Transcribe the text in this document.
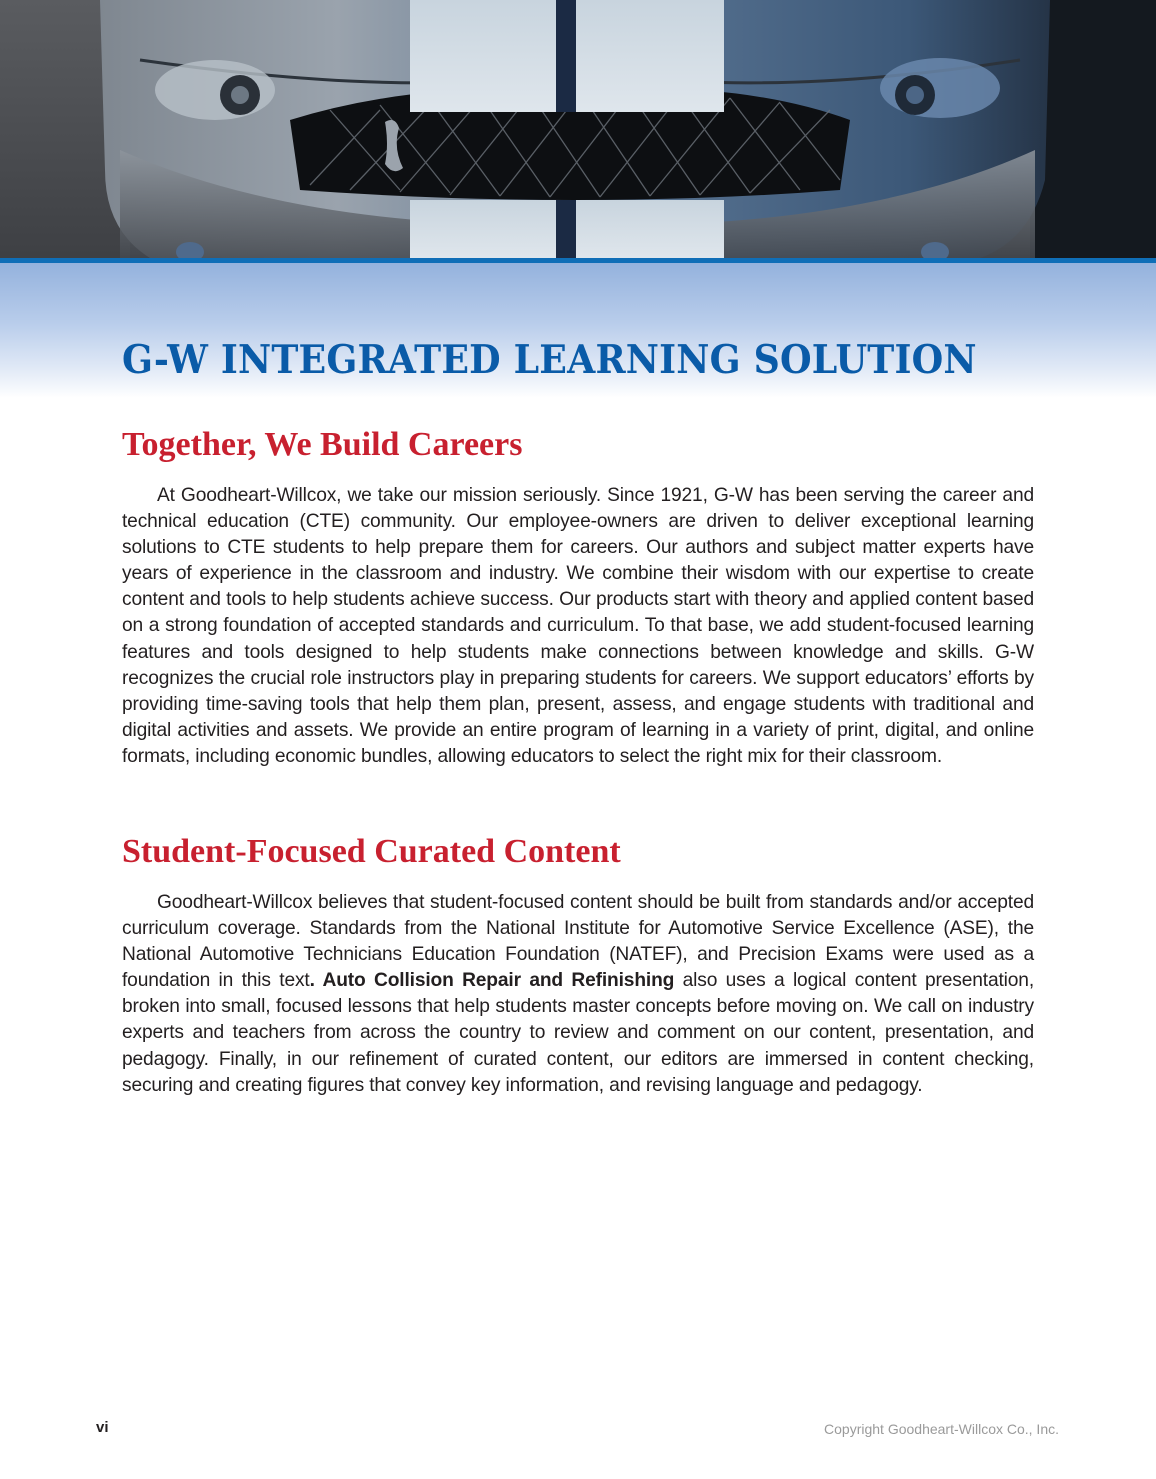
G-W INTEGRATED LEARNING SOLUTION
Together, We Build Careers

At Goodheart-Willcox, we take our mission seriously. Since 1921, G-W has been serving the career and technical education (CTE) community. Our employee-owners are driven to deliver exceptional learning solutions to CTE students to help prepare them for careers. Our authors and subject matter experts have years of experience in the classroom and industry. We combine their wisdom with our expertise to create content and tools to help students achieve success. Our products start with theory and applied content based on a strong foundation of accepted standards and curriculum. To that base, we add student-focused learning features and tools designed to help students make connections between knowledge and skills. G-W recognizes the crucial role instructors play in preparing students for careers. We support educators’ efforts by providing time-saving tools that help them plan, present, assess, and engage students with traditional and digital activities and assets. We provide an entire program of learning in a variety of print, digital, and online formats, including economic bundles, allowing educators to select the right mix for their classroom.

Student-Focused Curated Content

Goodheart-Willcox believes that student-focused content should be built from standards and/or accepted curriculum coverage. Standards from the National Institute for Automotive Service Excellence (ASE), the National Automotive Technicians Education Foundation (NATEF), and Precision Exams were used as a foundation in this text. Auto Collision Repair and Refinishing also uses a logical content presentation, broken into small, focused lessons that help students master concepts before moving on. We call on industry experts and teachers from across the country to review and comment on our content, presentation, and pedagogy. Finally, in our refinement of curated content, our editors are immersed in content checking, securing and creating figures that convey key information, and revising language and pedagogy.

vi	Copyright Goodheart-Willcox Co., Inc.
